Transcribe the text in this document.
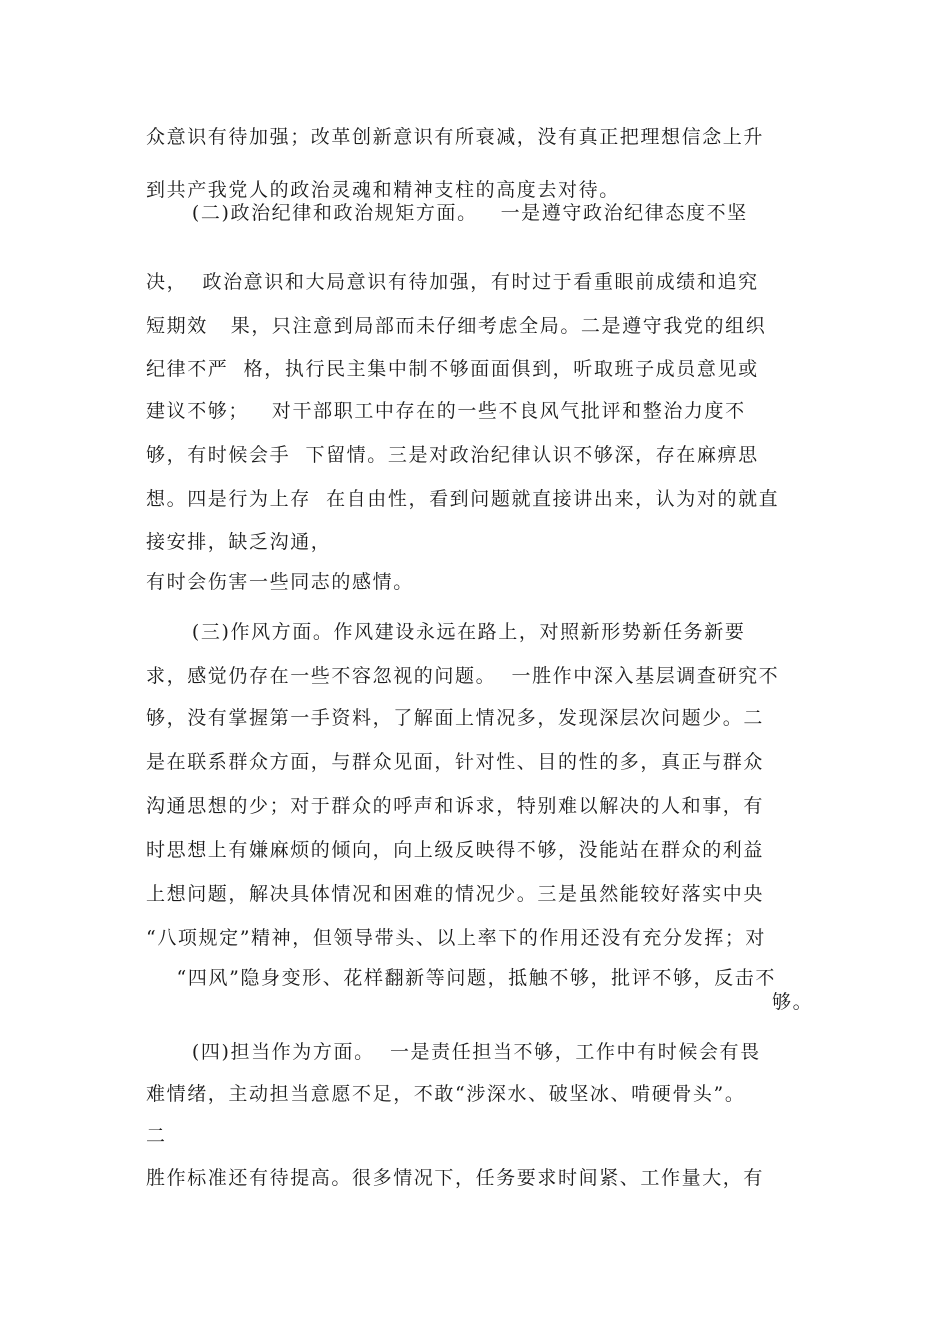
众意识有待加强；改革创新意识有所衰减，没有真正把理想信念上升
到共产我党人的政治灵魂和精神支柱的高度去对待。
(二)政治纪律和政治规矩方面。   一是遵守政治纪律态度不坚
决，  政治意识和大局意识有待加强，有时过于看重眼前成绩和追究
短期效   果，只注意到局部而未仔细考虑全局。二是遵守我党的组织
纪律不严  格，执行民主集中制不够面面俱到，听取班子成员意见或
建议不够；   对干部职工中存在的一些不良风气批评和整治力度不
够，有时候会手  下留情。三是对政治纪律认识不够深，存在麻痹思
想。四是行为上存  在自由性，看到问题就直接讲出来，认为对的就直
接安排，缺乏沟通，
有时会伤害一些同志的感情。
(三)作风方面。作风建设永远在路上，对照新形势新任务新要
求，感觉仍存在一些不容忽视的问题。  一胜作中深入基层调查研究不
够，没有掌握第一手资料，了解面上情况多，发现深层次问题少。二
是在联系群众方面，与群众见面，针对性、目的性的多，真正与群众
沟通思想的少；对于群众的呼声和诉求，特别难以解决的人和事，有
时思想上有嫌麻烦的倾向，向上级反映得不够，没能站在群众的利益
上想问题，解决具体情况和困难的情况少。三是虽然能较好落实中央
“八项规定”精神，但领导带头、以上率下的作用还没有充分发挥；对
“四风”隐身变形、花样翻新等问题，抵触不够，批评不够，反击不
够。
(四)担当作为方面。  一是责任担当不够，工作中有时候会有畏
难情绪，主动担当意愿不足，不敢“涉深水、破坚冰、啃硬骨头”。
二
胜作标准还有待提高。很多情况下，任务要求时间紧、工作量大，有
